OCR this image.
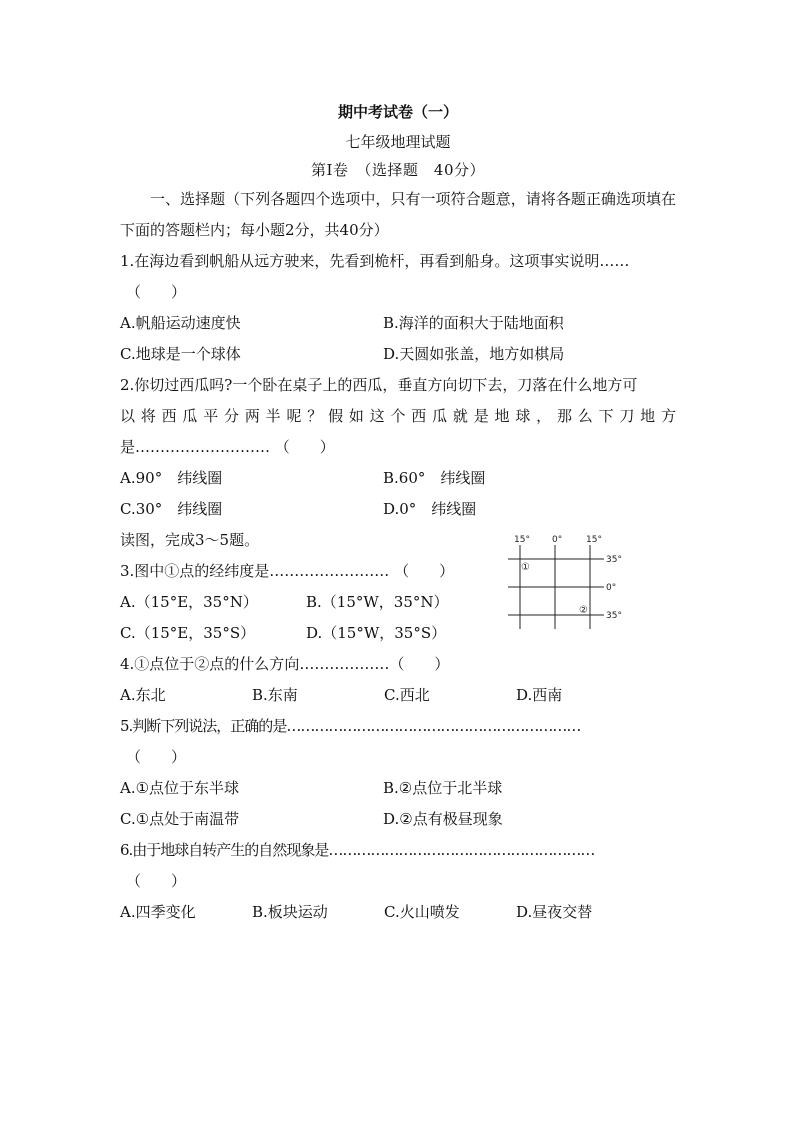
期中考试卷（一）
七年级地理试题
第Ⅰ卷　（选择题　40分）
一、选择题（下列各题四个选项中，只有一项符合题意，请将各题正确选项填在下面的答题栏内；每小题2分，共40分）
1.在海边看到帆船从远方驶来，先看到桅杆，再看到船身。这项事实说明……
（　　）
A.帆船运动速度快	B.海洋的面积大于陆地面积
C.地球是一个球体	D.天圆如张盖，地方如棋局
2.你切过西瓜吗?一个卧在桌子上的西瓜，垂直方向切下去，刀落在什么地方可
以将西瓜平分两半呢？假如这个西瓜就是地球，那么下刀地方
是……………………… （　　）
A.90°　纬线圈	B.60°　纬线圈
C.30°　纬线圈	D.0°　纬线圈
读图，完成3～5题。
3.图中①点的经纬度是…………………… （　　）
A.（15°E，35°N）	B.（15°W，35°N）
C.（15°E，35°S）	D.（15°W，35°S）
4.①点位于②点的什么方向………………（　　）
A.东北	B.东南	C.西北	D.西南
5.判断下列说法，正确的是………………………………………………………
（　　）
A.①点位于东半球	B.②点位于北半球
C.①点处于南温带	D.②点有极昼现象
6.由于地球自转产生的自然现象是…………………………………………………
（　　）
A.四季变化	B.板块运动	C.火山喷发	D.昼夜交替
15° 0°	15°
35°
0°
35°
①
②
